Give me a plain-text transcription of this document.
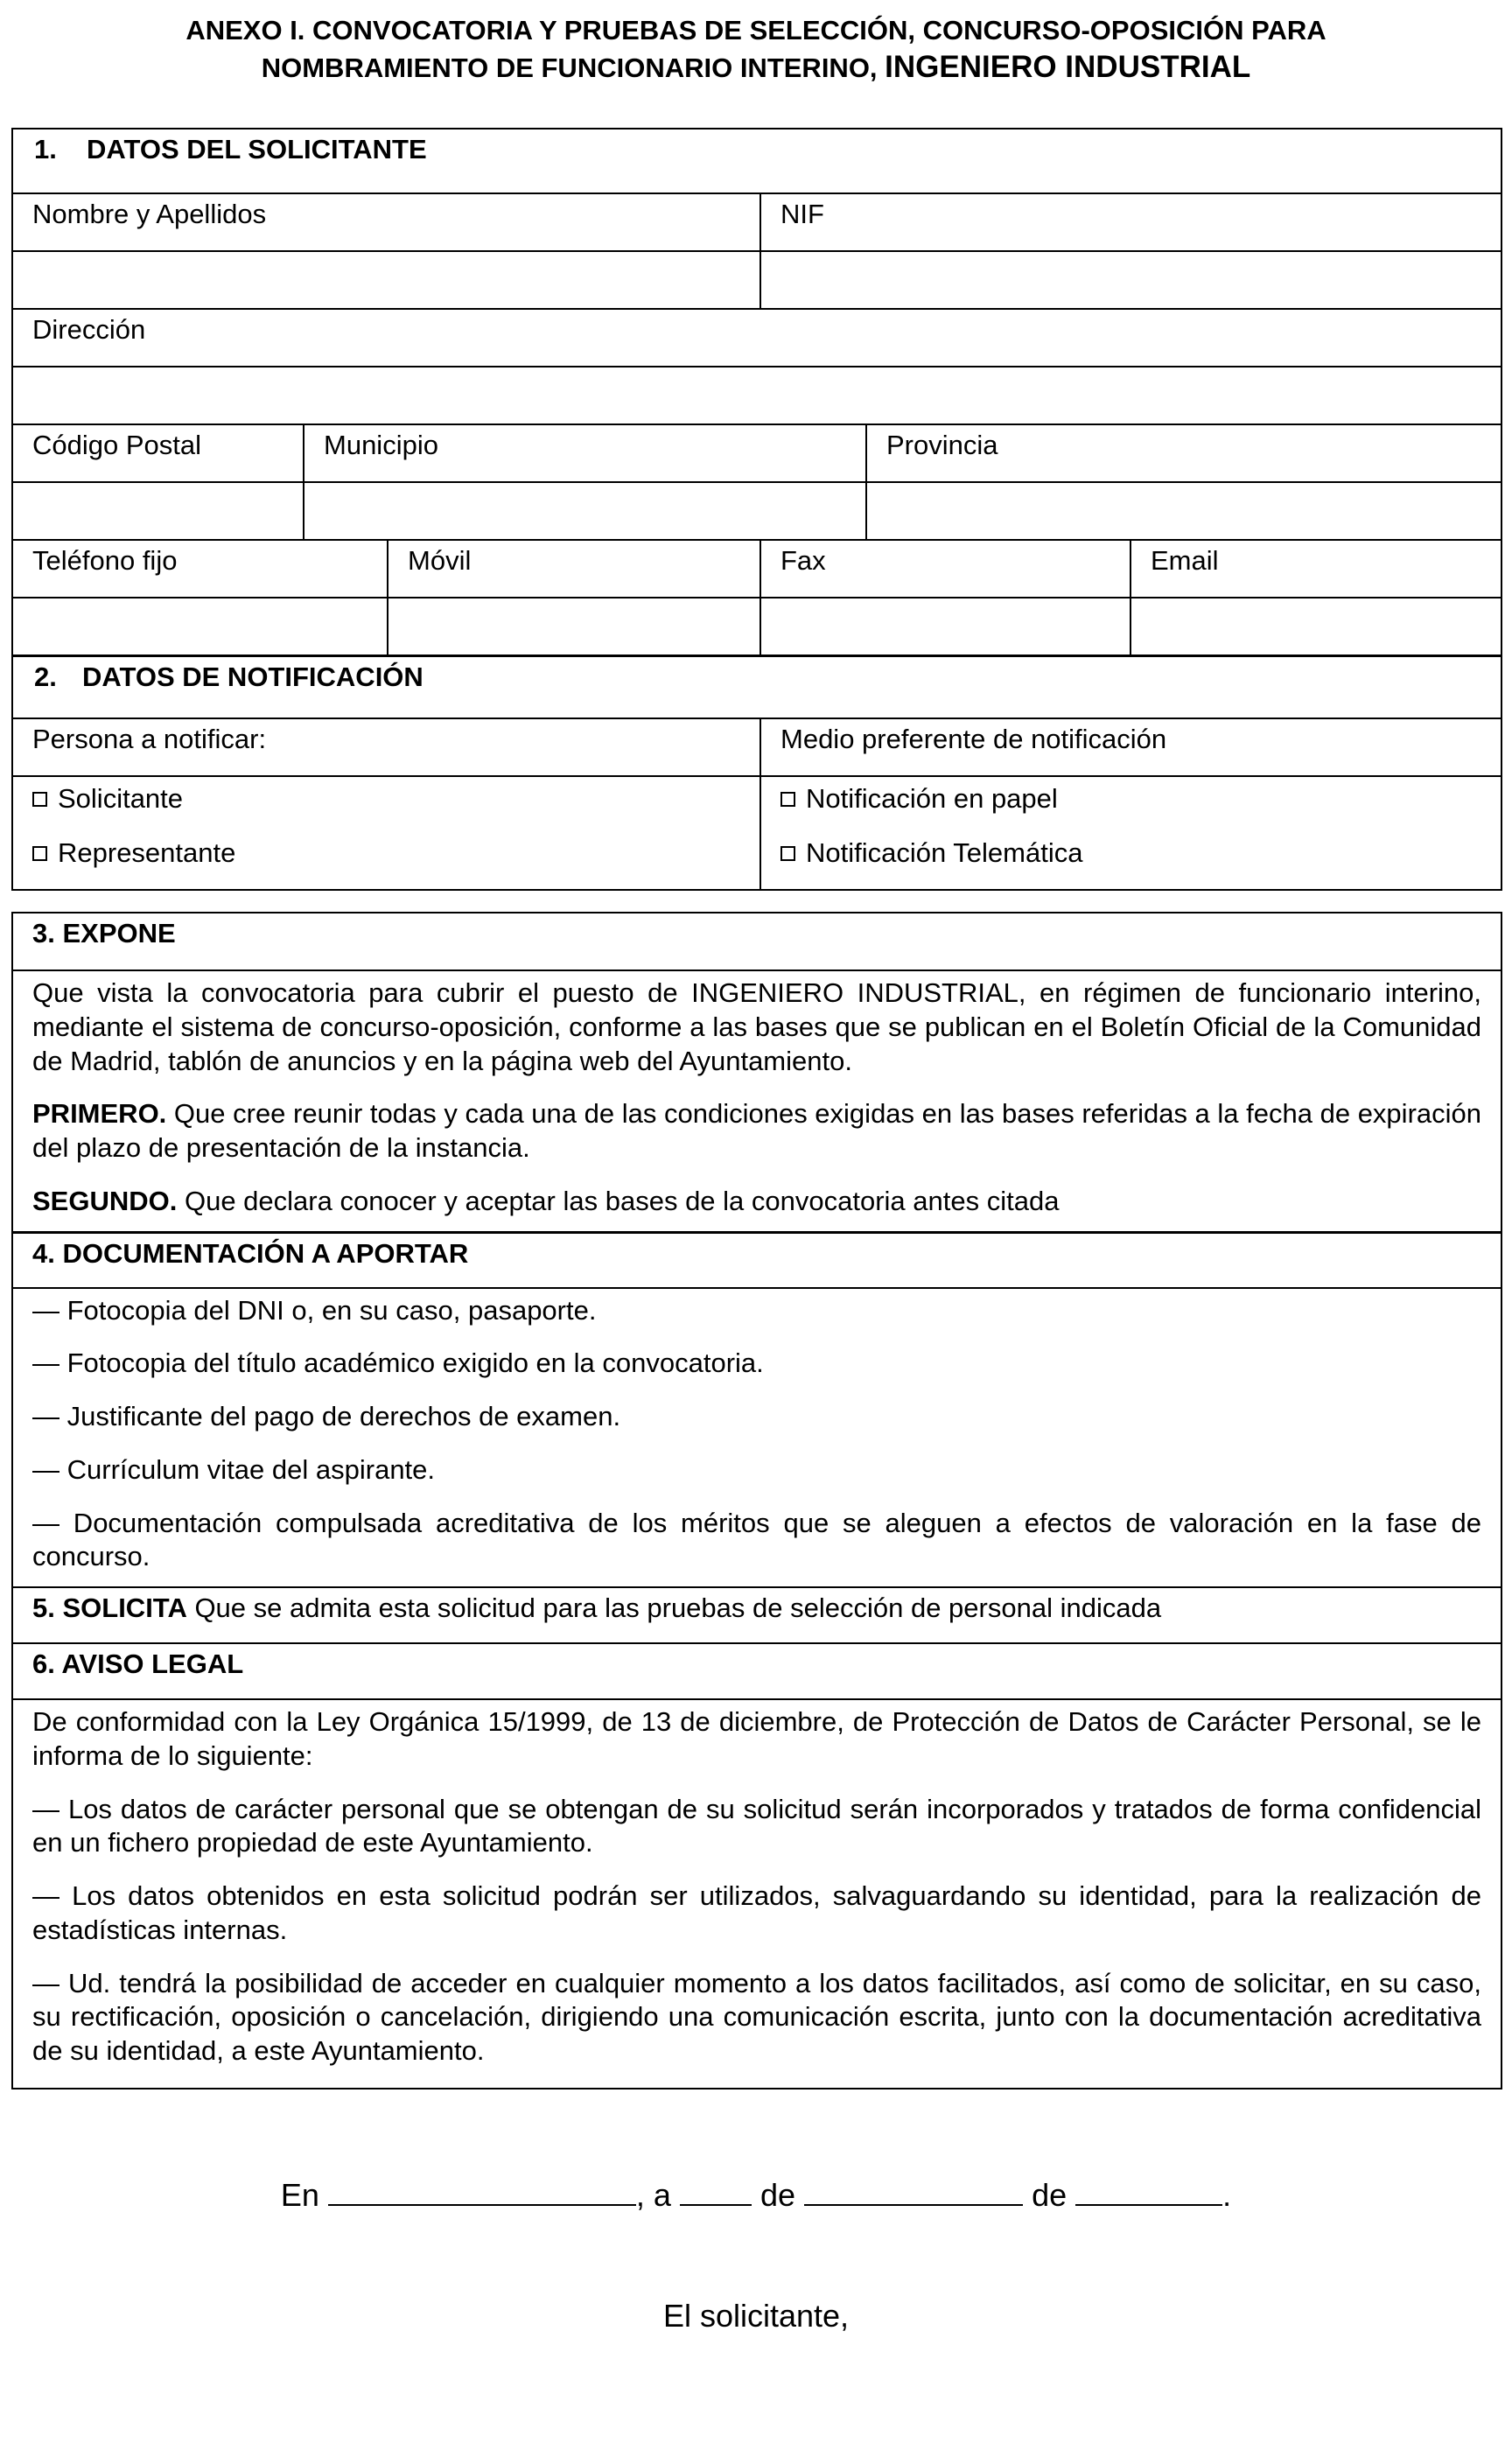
ANEXO I. CONVOCATORIA Y PRUEBAS DE SELECCIÓN, CONCURSO-OPOSICIÓN PARA
NOMBRAMIENTO DE FUNCIONARIO INTERINO, INGENIERO INDUSTRIAL
1. DATOS DEL SOLICITANTE
Nombre y Apellidos	NIF
Dirección
Código Postal	Municipio	Provincia
Teléfono fijo	Móvil	Fax	Email
2. DATOS DE NOTIFICACIÓN
Persona a notificar:	Medio preferente de notificación
Solicitante
Representante
Notificación en papel
Notificación Telemática
3. EXPONE

Que vista la convocatoria para cubrir el puesto de INGENIERO INDUSTRIAL, en régimen de funcionario interino, mediante el sistema de concurso-oposición, conforme a las bases que se publican en el Boletín Oficial de la Comunidad de Madrid, tablón de anuncios y en la página web del Ayuntamiento.

PRIMERO. Que cree reunir todas y cada una de las condiciones exigidas en las bases referidas a la fecha de expiración del plazo de presentación de la instancia.

SEGUNDO. Que declara conocer y aceptar las bases de la convocatoria antes citada

4. DOCUMENTACIÓN A APORTAR

— Fotocopia del DNI o, en su caso, pasaporte.

— Fotocopia del título académico exigido en la convocatoria.

— Justificante del pago de derechos de examen.

— Currículum vitae del aspirante.

— Documentación compulsada acreditativa de los méritos que se aleguen a efectos de valoración en la fase de concurso.

5. SOLICITA Que se admita esta solicitud para las pruebas de selección de personal indicada
6. AVISO LEGAL

De conformidad con la Ley Orgánica 15/1999, de 13 de diciembre, de Protección de Datos de Carácter Personal, se le informa de lo siguiente:

— Los datos de carácter personal que se obtengan de su solicitud serán incorporados y tratados de forma confidencial en un fichero propiedad de este Ayuntamiento.

— Los datos obtenidos en esta solicitud podrán ser utilizados, salvaguardando su identidad, para la realización de estadísticas internas.

— Ud. tendrá la posibilidad de acceder en cualquier momento a los datos facilitados, así como de solicitar, en su caso, su rectificación, oposición o cancelación, dirigiendo una comunicación escrita, junto con la documentación acreditativa de su identidad, a este Ayuntamiento.

En	, a	de	de	.
El solicitante,
